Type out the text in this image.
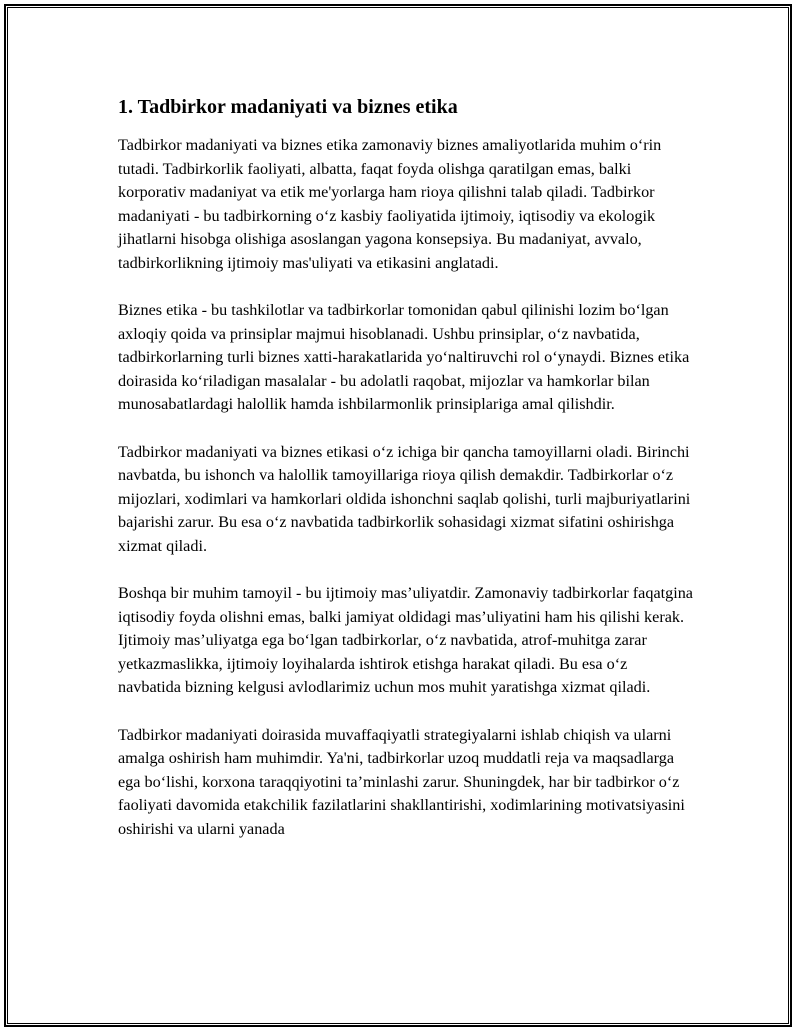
1. Tadbirkor madaniyati va biznes etika

Tadbirkor madaniyati va biznes etika zamonaviy biznes amaliyotlarida muhim oʻrin tutadi. Tadbirkorlik faoliyati, albatta, faqat foyda olishga qaratilgan emas, balki korporativ madaniyat va etik me'yorlarga ham rioya qilishni talab qiladi. Tadbirkor madaniyati - bu tadbirkorning oʻz kasbiy faoliyatida ijtimoiy, iqtisodiy va ekologik jihatlarni hisobga olishiga asoslangan yagona konsepsiya. Bu madaniyat, avvalo, tadbirkorlikning ijtimoiy mas'uliyati va etikasini anglatadi.

Biznes etika - bu tashkilotlar va tadbirkorlar tomonidan qabul qilinishi lozim boʻlgan axloqiy qoida va prinsiplar majmui hisoblanadi. Ushbu prinsiplar, oʻz navbatida, tadbirkorlarning turli biznes xatti-harakatlarida yoʻnaltiruvchi rol oʻynaydi. Biznes etika doirasida koʻriladigan masalalar - bu adolatli raqobat, mijozlar va hamkorlar bilan munosabatlardagi halollik hamda ishbilarmonlik prinsiplariga amal qilishdir.

Tadbirkor madaniyati va biznes etikasi oʻz ichiga bir qancha tamoyillarni oladi. Birinchi navbatda, bu ishonch va halollik tamoyillariga rioya qilish demakdir. Tadbirkorlar oʻz mijozlari, xodimlari va hamkorlari oldida ishonchni saqlab qolishi, turli majburiyatlarini bajarishi zarur. Bu esa oʻz navbatida tadbirkorlik sohasidagi xizmat sifatini oshirishga xizmat qiladi.

Boshqa bir muhim tamoyil - bu ijtimoiy mas’uliyatdir. Zamonaviy tadbirkorlar faqatgina iqtisodiy foyda olishni emas, balki jamiyat oldidagi mas’uliyatini ham his qilishi kerak. Ijtimoiy mas’uliyatga ega boʻlgan tadbirkorlar, oʻz navbatida, atrof-muhitga zarar yetkazmaslikka, ijtimoiy loyihalarda ishtirok etishga harakat qiladi. Bu esa oʻz navbatida bizning kelgusi avlodlarimiz uchun mos muhit yaratishga xizmat qiladi.

Tadbirkor madaniyati doirasida muvaffaqiyatli strategiyalarni ishlab chiqish va ularni amalga oshirish ham muhimdir. Ya'ni, tadbirkorlar uzoq muddatli reja va maqsadlarga ega boʻlishi, korxona taraqqiyotini ta’minlashi zarur. Shuningdek, har bir tadbirkor oʻz faoliyati davomida etakchilik fazilatlarini shakllantirishi, xodimlarining motivatsiyasini oshirishi va ularni yanada
